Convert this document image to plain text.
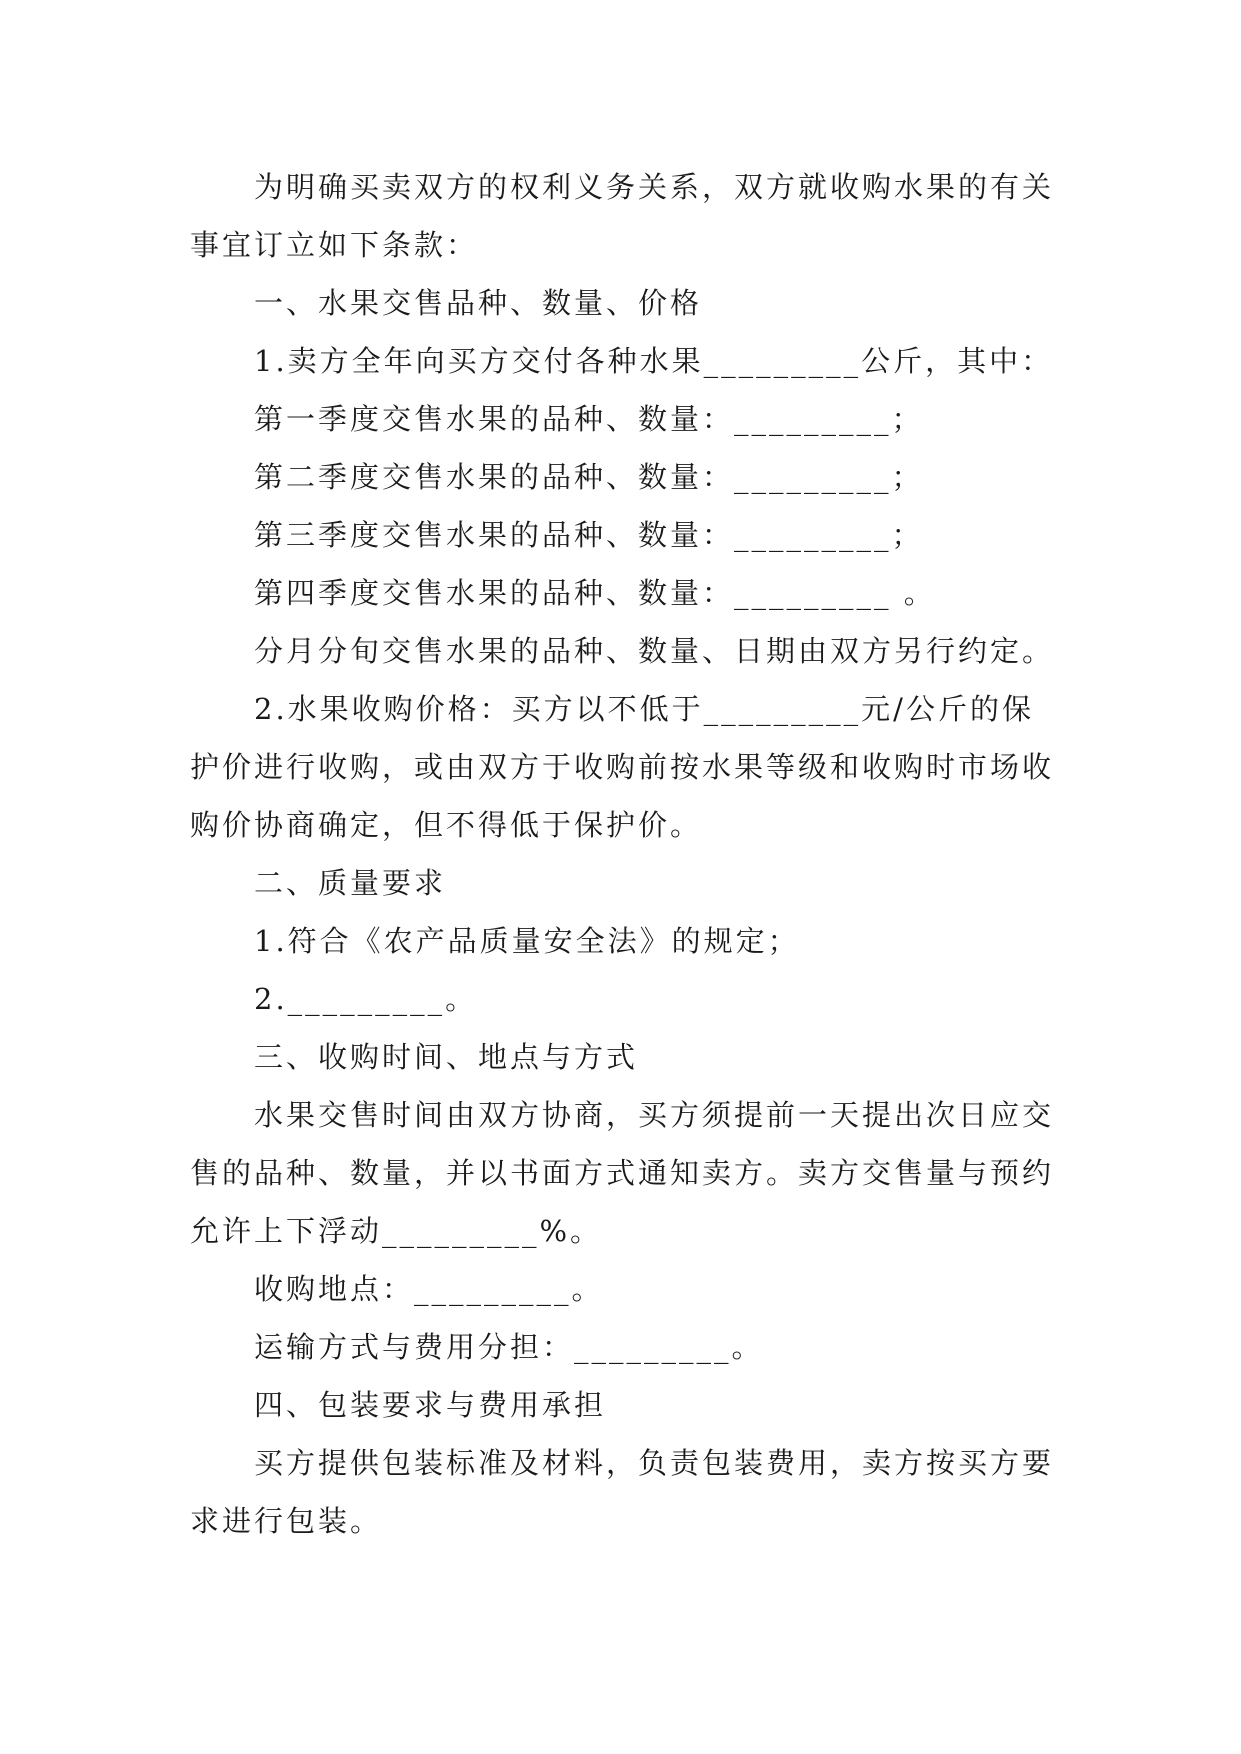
为明确买卖双方的权利义务关系，双方就收购水果的有关事宜订立如下条款：

一、水果交售品种、数量、价格

1.卖方全年向买方交付各种水果_________公斤，其中：

第一季度交售水果的品种、数量：_________；

第二季度交售水果的品种、数量：_________；

第三季度交售水果的品种、数量：_________；

第四季度交售水果的品种、数量：_________ 。

分月分旬交售水果的品种、数量、日期由双方另行约定。

2.水果收购价格：买方以不低于_________元/公斤的保护价进行收购，或由双方于收购前按水果等级和收购时市场收购价协商确定，但不得低于保护价。

二、质量要求

1.符合《农产品质量安全法》的规定；

2._________。

三、收购时间、地点与方式

水果交售时间由双方协商，买方须提前一天提出次日应交售的品种、数量，并以书面方式通知卖方。卖方交售量与预约允许上下浮动_________%。

收购地点：_________。

运输方式与费用分担：_________。

四、包装要求与费用承担

买方提供包装标准及材料，负责包装费用，卖方按买方要求进行包装。
